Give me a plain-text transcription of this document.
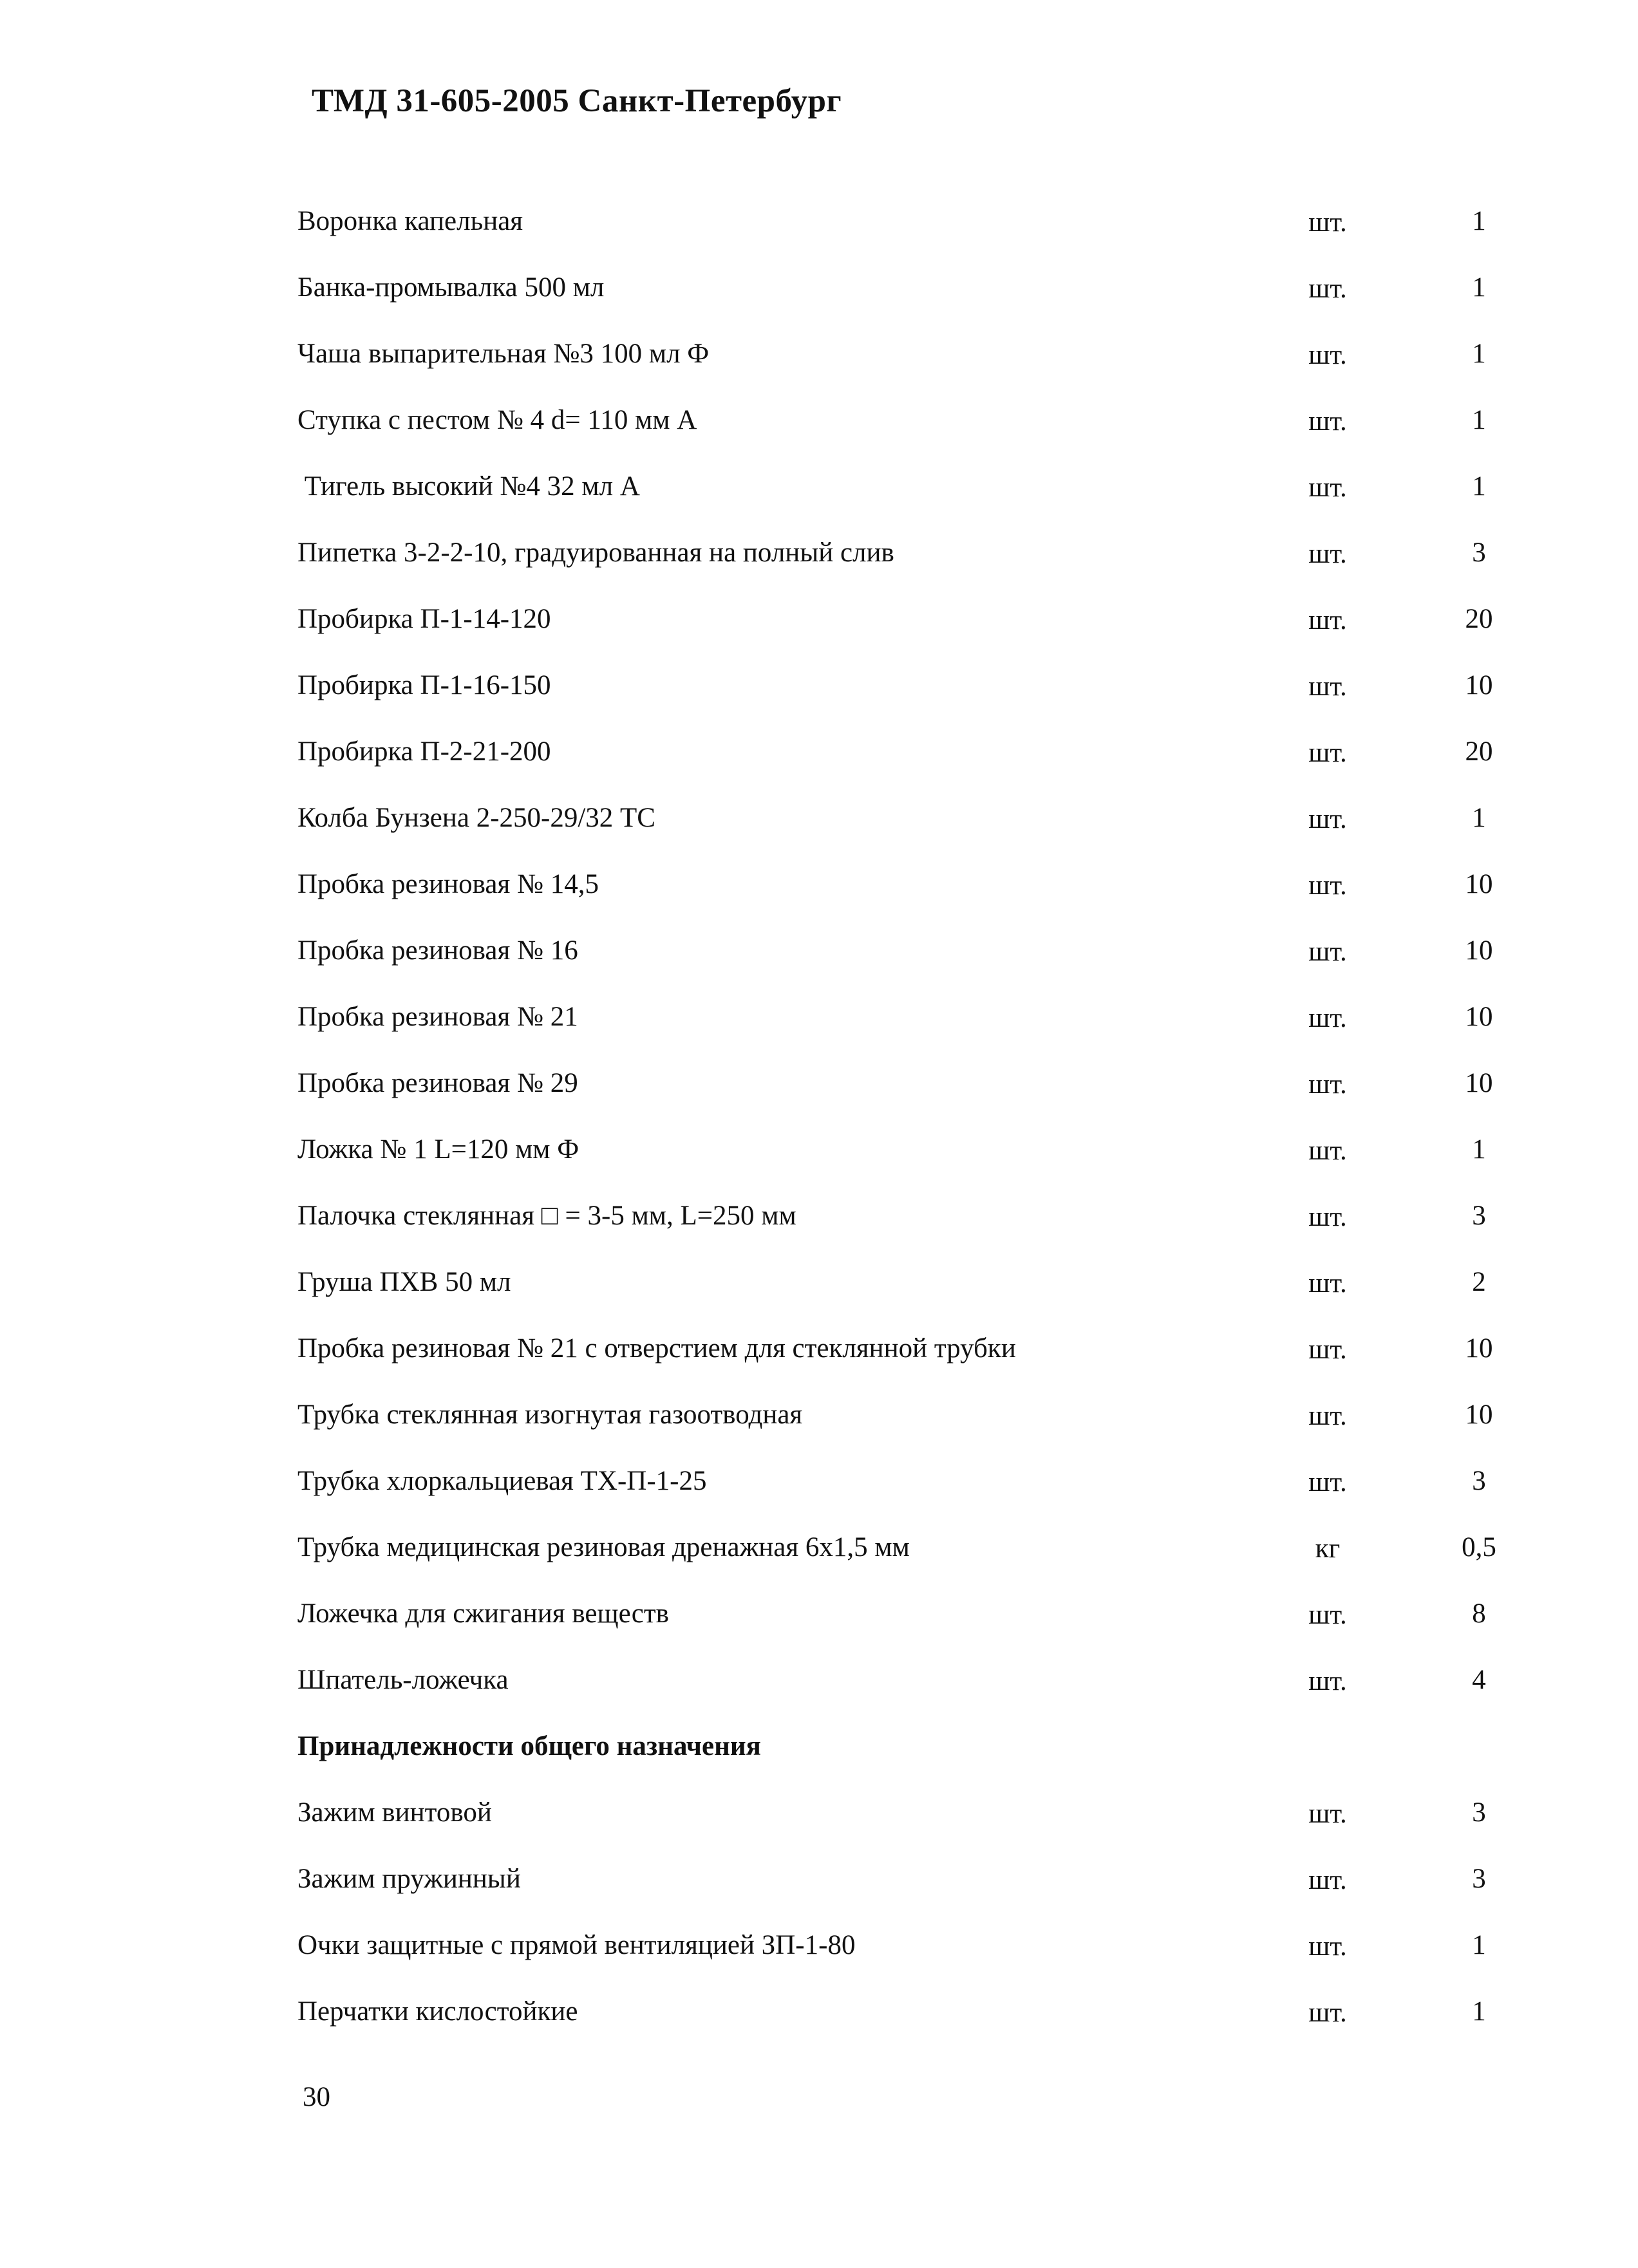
ТМД 31-605-2005 Санкт-Петербург
Воронка капельная	шт.	1
Банка-промывалка 500 мл	шт.	1
Чаша выпарительная №3 100 мл Ф	шт.	1
Ступка с пестом № 4 d= 110 мм А	шт.	1
Тигель высокий №4 32 мл А	шт.	1
Пипетка 3-2-2-10, градуированная на полный слив	шт.	3
Пробирка П-1-14-120	шт.	20
Пробирка П-1-16-150	шт.	10
Пробирка П-2-21-200	шт.	20
Колба Бунзена 2-250-29/32 ТС	шт.	1
Пробка резиновая № 14,5	шт.	10
Пробка резиновая № 16	шт.	10
Пробка резиновая № 21	шт.	10
Пробка резиновая № 29	шт.	10
Ложка № 1 L=120 мм Ф	шт.	1
Палочка стеклянная □ = 3-5 мм, L=250 мм	шт.	3
Груша ПХВ 50 мл	шт.	2
Пробка резиновая № 21 с отверстием для стеклянной трубки	шт.	10
Трубка стеклянная изогнутая газоотводная	шт.	10
Трубка хлоркальциевая ТХ-П-1-25	шт.	3
Трубка медицинская резиновая дренажная 6х1,5 мм	кг	0,5
Ложечка для сжигания веществ	шт.	8
Шпатель-ложечка	шт.	4
Принадлежности общего назначения
Зажим винтовой	шт.	3
Зажим пружинный	шт.	3
Очки защитные с прямой вентиляцией ЗП-1-80	шт.	1
Перчатки кислостойкие	шт.	1
30
